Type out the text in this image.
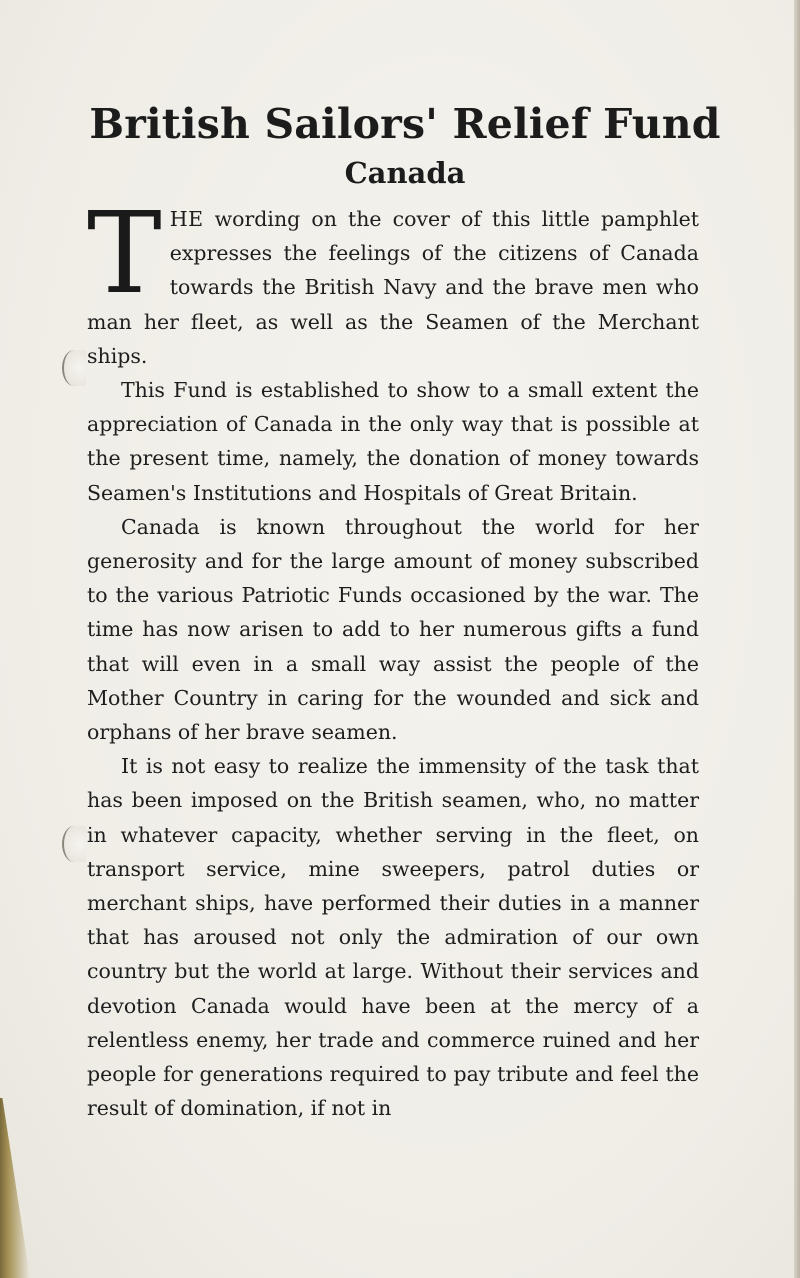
British Sailors' Relief Fund
Canada

THE wording on the cover of this little pamphlet expresses the feelings of the citizens of Canada towards the British Navy and the brave men who man her fleet, as well as the Seamen of the Merchant ships.

This Fund is established to show to a small extent the appreciation of Canada in the only way that is possible at the present time, namely, the donation of money towards Seamen's Institutions and Hospitals of Great Britain.

Canada is known throughout the world for her generosity and for the large amount of money subscribed to the various Patriotic Funds occasioned by the war. The time has now arisen to add to her numerous gifts a fund that will even in a small way assist the people of the Mother Country in caring for the wounded and sick and orphans of her brave seamen.

It is not easy to realize the immensity of the task that has been imposed on the British seamen, who, no matter in whatever capacity, whether serving in the fleet, on transport service, mine sweepers, patrol duties or merchant ships, have performed their duties in a manner that has aroused not only the admiration of our own country but the world at large. Without their services and devotion Canada would have been at the mercy of a relentless enemy, her trade and commerce ruined and her people for generations required to pay tribute and feel the result of domination, if not in
